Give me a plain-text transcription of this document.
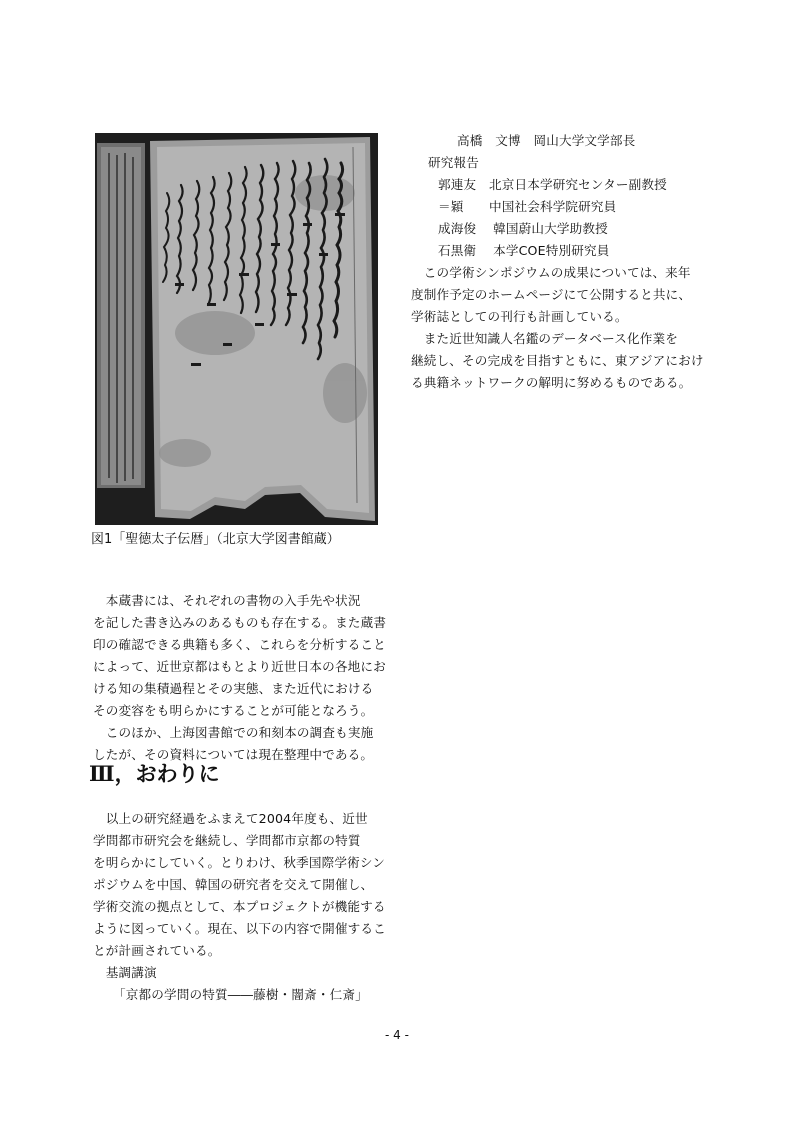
図1「聖徳太子伝暦」（北京大学図書館蔵）
　本蔵書には、それぞれの書物の入手先や状況
を記した書き込みのあるものも存在する。また蔵書
印の確認できる典籍も多く、これらを分析すること
によって、近世京都はもとより近世日本の各地にお
ける知の集積過程とその実態、また近代における
その変容をも明らかにすることが可能となろう。
　このほか、上海図書館での和刻本の調査も実施
したが、その資料については現在整理中である。
Ⅲ，おわりに
　以上の研究経過をふまえて2004年度も、近世
学問都市研究会を継続し、学問都市京都の特質
を明らかにしていく。とりわけ、秋季国際学術シン
ポジウムを中国、韓国の研究者を交えて開催し、
学術交流の拠点として、本プロジェクトが機能する
ように図っていく。現在、以下の内容で開催するこ
とが計画されている。
　基調講演
「京都の学問の特質――藤樹・闇斎・仁斎」
高橋　文博　岡山大学文学部長
研究報告
郭連友　北京日本学研究センター副教授
＝穎　　中国社会科学院研究員
成海俊　 韓国蔚山大学助教授
石黒衛　 本学COE特別研究員
　この学術シンポジウムの成果については、来年
度制作予定のホームページにて公開すると共に、
学術誌としての刊行も計画している。
　また近世知識人名鑑のデータベース化作業を
継続し、その完成を目指すともに、東アジアにおけ
る典籍ネットワークの解明に努めるものである。
- 4 -
